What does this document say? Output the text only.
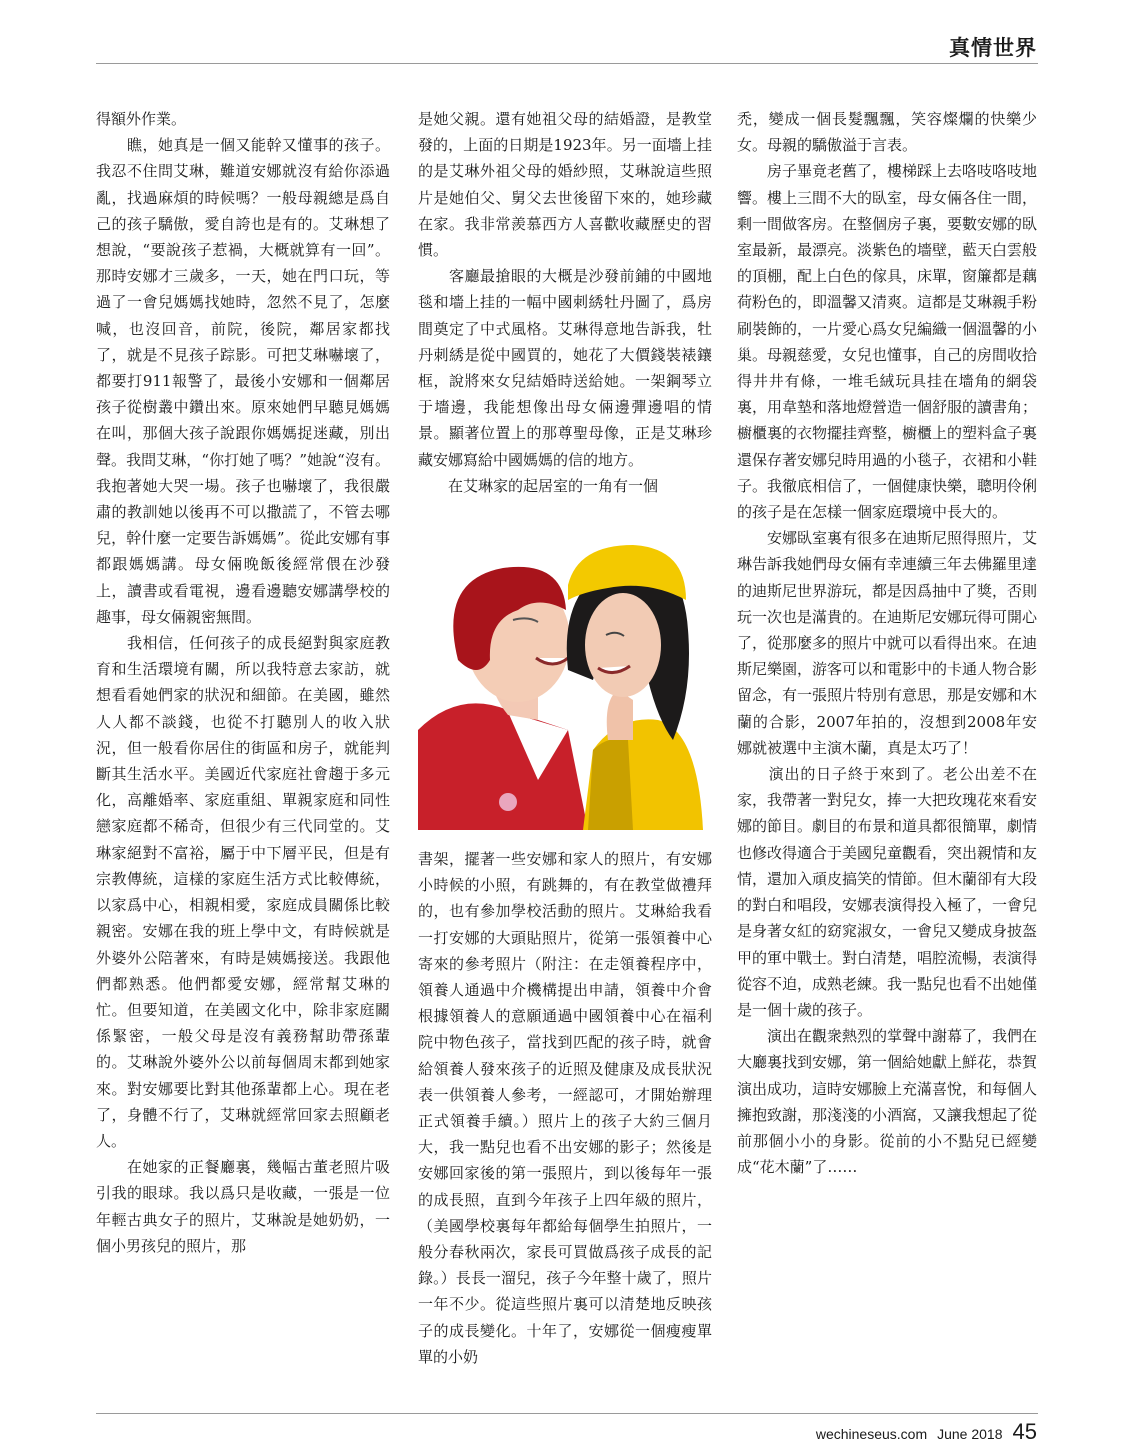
真情世界

得額外作業。

　　瞧，她真是一個又能幹又懂事的孩子。我忍不住問艾琳，難道安娜就沒有給你添過亂，找過麻煩的時候嗎？一般母親總是爲自己的孩子驕傲，愛自誇也是有的。艾琳想了想說，“要說孩子惹禍，大概就算有一回”。那時安娜才三歲多，一天，她在門口玩，等過了一會兒媽媽找她時，忽然不見了，怎麼喊，也沒回音，前院，後院，鄰居家都找了，就是不見孩子踪影。可把艾琳嚇壞了，都要打911報警了，最後小安娜和一個鄰居孩子從樹叢中鑽出來。原來她們早聽見媽媽在叫，那個大孩子說跟你媽媽捉迷藏，別出聲。我問艾琳，“你打她了嗎？”她說“沒有。我抱著她大哭一場。孩子也嚇壞了，我很嚴肅的教訓她以後再不可以撒謊了，不管去哪兒，幹什麼一定要告訴媽媽”。從此安娜有事都跟媽媽講。母女倆晚飯後經常偎在沙發上，讀書或看電視，邊看邊聽安娜講學校的趣事，母女倆親密無間。

　　我相信，任何孩子的成長絕對與家庭教育和生活環境有關，所以我特意去家訪，就想看看她們家的狀況和細節。在美國，雖然人人都不談錢，也從不打聽別人的收入狀況，但一般看你居住的街區和房子，就能判斷其生活水平。美國近代家庭社會趨于多元化，高離婚率、家庭重組、單親家庭和同性戀家庭都不稀奇，但很少有三代同堂的。艾琳家絕對不富裕，屬于中下層平民，但是有宗教傳統，這樣的家庭生活方式比較傳統，以家爲中心，相親相愛，家庭成員關係比較親密。安娜在我的班上學中文，有時候就是外婆外公陪著來，有時是姨媽接送。我跟他們都熟悉。他們都愛安娜，經常幫艾琳的忙。但要知道，在美國文化中，除非家庭關係緊密，一般父母是沒有義務幫助帶孫輩的。艾琳說外婆外公以前每個周末都到她家來。對安娜要比對其他孫輩都上心。現在老了，身體不行了，艾琳就經常回家去照顧老人。

　　在她家的正餐廳裏，幾幅古董老照片吸引我的眼球。我以爲只是收藏，一張是一位年輕古典女子的照片，艾琳說是她奶奶，一個小男孩兒的照片，那

是她父親。還有她祖父母的結婚證，是教堂發的，上面的日期是1923年。另一面墻上挂的是艾琳外祖父母的婚紗照，艾琳說這些照片是她伯父、舅父去世後留下來的，她珍藏在家。我非常羨慕西方人喜歡收藏歷史的習慣。

　　客廳最搶眼的大概是沙發前鋪的中國地毯和墻上挂的一幅中國刺綉牡丹圖了，爲房間奠定了中式風格。艾琳得意地告訴我，牡丹刺綉是從中國買的，她花了大價錢裝裱鑲框，說將來女兒結婚時送給她。一架鋼琴立于墻邊，我能想像出母女倆邊彈邊唱的情景。顯著位置上的那尊聖母像，正是艾琳珍藏安娜寫給中國媽媽的信的地方。

　　在艾琳家的起居室的一角有一個

書架，擺著一些安娜和家人的照片，有安娜小時候的小照，有跳舞的，有在教堂做禮拜的，也有參加學校活動的照片。艾琳給我看一打安娜的大頭貼照片，從第一張領養中心寄來的參考照片（附注：在走領養程序中，領養人通過中介機構提出申請，領養中介會根據領養人的意願通過中國領養中心在福利院中物色孩子，當找到匹配的孩子時，就會給領養人發來孩子的近照及健康及成長狀況表一供領養人參考，一經認可，才開始辦理正式領養手續。）照片上的孩子大約三個月大，我一點兒也看不出安娜的影子；然後是安娜回家後的第一張照片，到以後每年一張的成長照，直到今年孩子上四年級的照片，（美國學校裏每年都給每個學生拍照片，一般分春秋兩次，家長可買做爲孩子成長的記錄。）長長一溜兒，孩子今年整十歲了，照片一年不少。從這些照片裏可以清楚地反映孩子的成長變化。十年了，安娜從一個瘦瘦單單的小奶

禿，變成一個長髮飄飄，笑容燦爛的快樂少女。母親的驕傲溢于言表。

　　房子畢竟老舊了，樓梯踩上去咯吱咯吱地響。樓上三間不大的臥室，母女倆各住一間，剩一間做客房。在整個房子裏，要數安娜的臥室最新，最漂亮。淡紫色的墻壁，藍天白雲般的頂棚，配上白色的傢具，床單，窗簾都是藕荷粉色的，即溫馨又清爽。這都是艾琳親手粉刷裝飾的，一片愛心爲女兒編織一個溫馨的小巢。母親慈愛，女兒也懂事，自己的房間收拾得井井有條，一堆毛絨玩具挂在墻角的網袋裏，用韋墊和落地燈營造一個舒服的讀書角；櫥櫃裏的衣物擺挂齊整，櫥櫃上的塑料盒子裏還保存著安娜兒時用過的小毯子，衣裙和小鞋子。我徹底相信了，一個健康快樂，聰明伶俐的孩子是在怎樣一個家庭環境中長大的。

　　安娜臥室裏有很多在迪斯尼照得照片，艾琳告訴我她們母女倆有幸連續三年去佛羅里達的迪斯尼世界游玩，都是因爲抽中了獎，否則玩一次也是滿貴的。在迪斯尼安娜玩得可開心了，從那麼多的照片中就可以看得出來。在迪斯尼樂園，游客可以和電影中的卡通人物合影留念，有一張照片特別有意思，那是安娜和木蘭的合影，2007年拍的，沒想到2008年安娜就被選中主演木蘭，真是太巧了！

　　演出的日子終于來到了。老公出差不在家，我帶著一對兒女，捧一大把玫瑰花來看安娜的節目。劇目的布景和道具都很簡單，劇情也修改得適合于美國兒童觀看，突出親情和友情，還加入頑皮搞笑的情節。但木蘭卻有大段的對白和唱段，安娜表演得投入極了，一會兒是身著女紅的窈窕淑女，一會兒又變成身披盔甲的軍中戰士。對白清楚，唱腔流暢，表演得從容不迫，成熟老練。我一點兒也看不出她僅是一個十歲的孩子。

　　演出在觀衆熱烈的掌聲中謝幕了，我們在大廳裏找到安娜，第一個給她獻上鮮花，恭賀演出成功，這時安娜臉上充滿喜悅，和每個人擁抱致謝，那淺淺的小酒窩，又讓我想起了從前那個小小的身影。從前的小不點兒已經變成“花木蘭”了……

wechineseus.com June 2018 45
